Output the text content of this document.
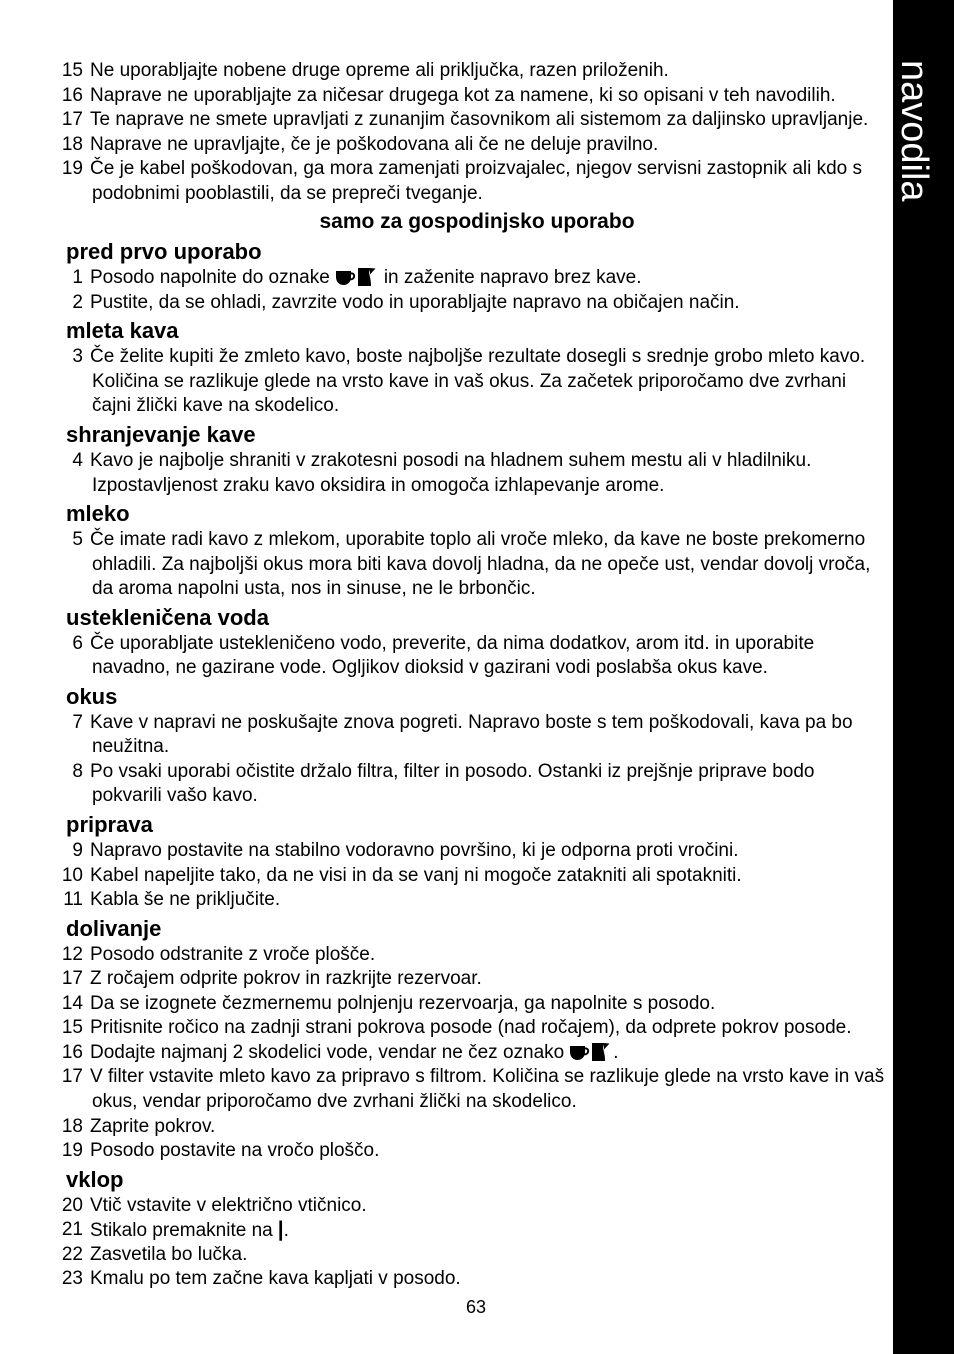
15 Ne uporabljajte nobene druge opreme ali priključka, razen priloženih.
16 Naprave ne uporabljajte za ničesar drugega kot za namene, ki so opisani v teh navodilih.
17 Te naprave ne smete upravljati z zunanjim časovnikom ali sistemom za daljinsko upravljanje.
18 Naprave ne upravljajte, če je poškodovana ali če ne deluje pravilno.
19 Če je kabel poškodovan, ga mora zamenjati proizvajalec, njegov servisni zastopnik ali kdo s
podobnimi pooblastili, da se prepreči tveganje.
samo za gospodinjsko uporabo
pred prvo uporabo
1 Posodo napolnite do oznake	in zaženite napravo brez kave.
2 Pustite, da se ohladi, zavrzite vodo in uporabljajte napravo na običajen način.
mleta kava
3 Če želite kupiti že zmleto kavo, boste najboljše rezultate dosegli s srednje grobo mleto kavo.
Količina se razlikuje glede na vrsto kave in vaš okus. Za začetek priporočamo dve zvrhani
čajni žlički kave na skodelico.
shranjevanje kave
4 Kavo je najbolje shraniti v zrakotesni posodi na hladnem suhem mestu ali v hladilniku.
Izpostavljenost zraku kavo oksidira in omogoča izhlapevanje arome.
mleko
5 Če imate radi kavo z mlekom, uporabite toplo ali vroče mleko, da kave ne boste prekomerno
ohladili. Za najboljši okus mora biti kava dovolj hladna, da ne opeče ust, vendar dovolj vroča,
da aroma napolni usta, nos in sinuse, ne le brbončic.
ustekleničena voda
6 Če uporabljate ustekleničeno vodo, preverite, da nima dodatkov, arom itd. in uporabite
navadno, ne gazirane vode. Ogljikov dioksid v gazirani vodi poslabša okus kave.
okus
7 Kave v napravi ne poskušajte znova pogreti. Napravo boste s tem poškodovali, kava pa bo
neužitna.
8 Po vsaki uporabi očistite držalo filtra, filter in posodo. Ostanki iz prejšnje priprave bodo
pokvarili vašo kavo.
priprava
9 Napravo postavite na stabilno vodoravno površino, ki je odporna proti vročini.
10 Kabel napeljite tako, da ne visi in da se vanj ni mogoče zatakniti ali spotakniti.
11 Kabla še ne priključite.
dolivanje
12 Posodo odstranite z vroče plošče.
17 Z ročajem odprite pokrov in razkrijte rezervoar.
14 Da se izognete čezmernemu polnjenju rezervoarja, ga napolnite s posodo.
15 Pritisnite ročico na zadnji strani pokrova posode (nad ročajem), da odprete pokrov posode.
16 Dodajte najmanj 2 skodelici vode, vendar ne čez oznako	.
17 V filter vstavite mleto kavo za pripravo s filtrom. Količina se razlikuje glede na vrsto kave in vaš
okus, vendar priporočamo dve zvrhani žlički na skodelico.
18 Zaprite pokrov.
19 Posodo postavite na vročo ploščo.
vklop
20 Vtič vstavite v električno vtičnico.
21 Stikalo premaknite na |.
22 Zasvetila bo lučka.
23 Kmalu po tem začne kava kapljati v posodo.
63
navodila
